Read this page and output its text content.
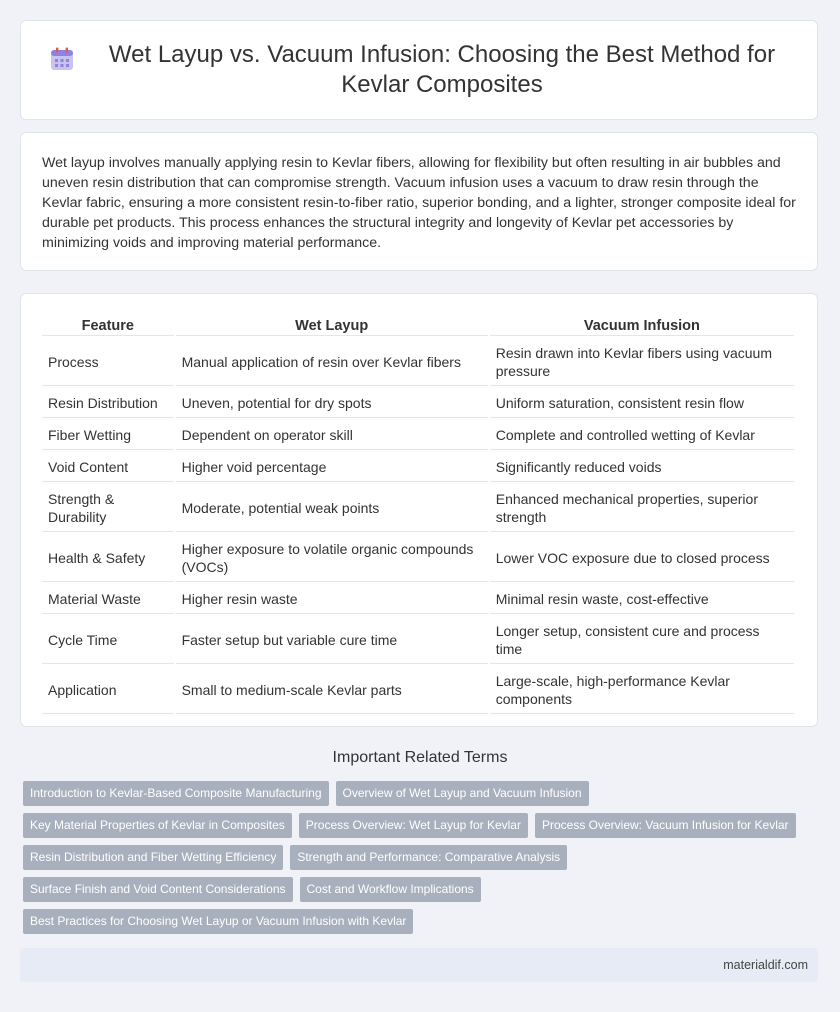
Wet Layup vs. Vacuum Infusion: Choosing the Best Method for Kevlar Composites

Wet layup involves manually applying resin to Kevlar fibers, allowing for flexibility but often resulting in air bubbles and uneven resin distribution that can compromise strength. Vacuum infusion uses a vacuum to draw resin through the Kevlar fabric, ensuring a more consistent resin-to-fiber ratio, superior bonding, and a lighter, stronger composite ideal for durable pet products. This process enhances the structural integrity and longevity of Kevlar pet accessories by minimizing voids and improving material performance.

Feature	Wet Layup	Vacuum Infusion
Process	Manual application of resin over Kevlar fibers	Resin drawn into Kevlar fibers using vacuum pressure
Resin Distribution	Uneven, potential for dry spots	Uniform saturation, consistent resin flow
Fiber Wetting	Dependent on operator skill	Complete and controlled wetting of Kevlar
Void Content	Higher void percentage	Significantly reduced voids
Strength & Durability	Moderate, potential weak points	Enhanced mechanical properties, superior strength
Health & Safety	Higher exposure to volatile organic compounds (VOCs)	Lower VOC exposure due to closed process
Material Waste	Higher resin waste	Minimal resin waste, cost-effective
Cycle Time	Faster setup but variable cure time	Longer setup, consistent cure and process time
Application	Small to medium-scale Kevlar parts	Large-scale, high-performance Kevlar components
Important Related Terms
Introduction to Kevlar-Based Composite Manufacturing	Overview of Wet Layup and Vacuum Infusion
Key Material Properties of Kevlar in Composites	Process Overview: Wet Layup for Kevlar	Process Overview: Vacuum Infusion for Kevlar
Resin Distribution and Fiber Wetting Efficiency	Strength and Performance: Comparative Analysis
Surface Finish and Void Content Considerations	Cost and Workflow Implications
Best Practices for Choosing Wet Layup or Vacuum Infusion with Kevlar
materialdif.com
